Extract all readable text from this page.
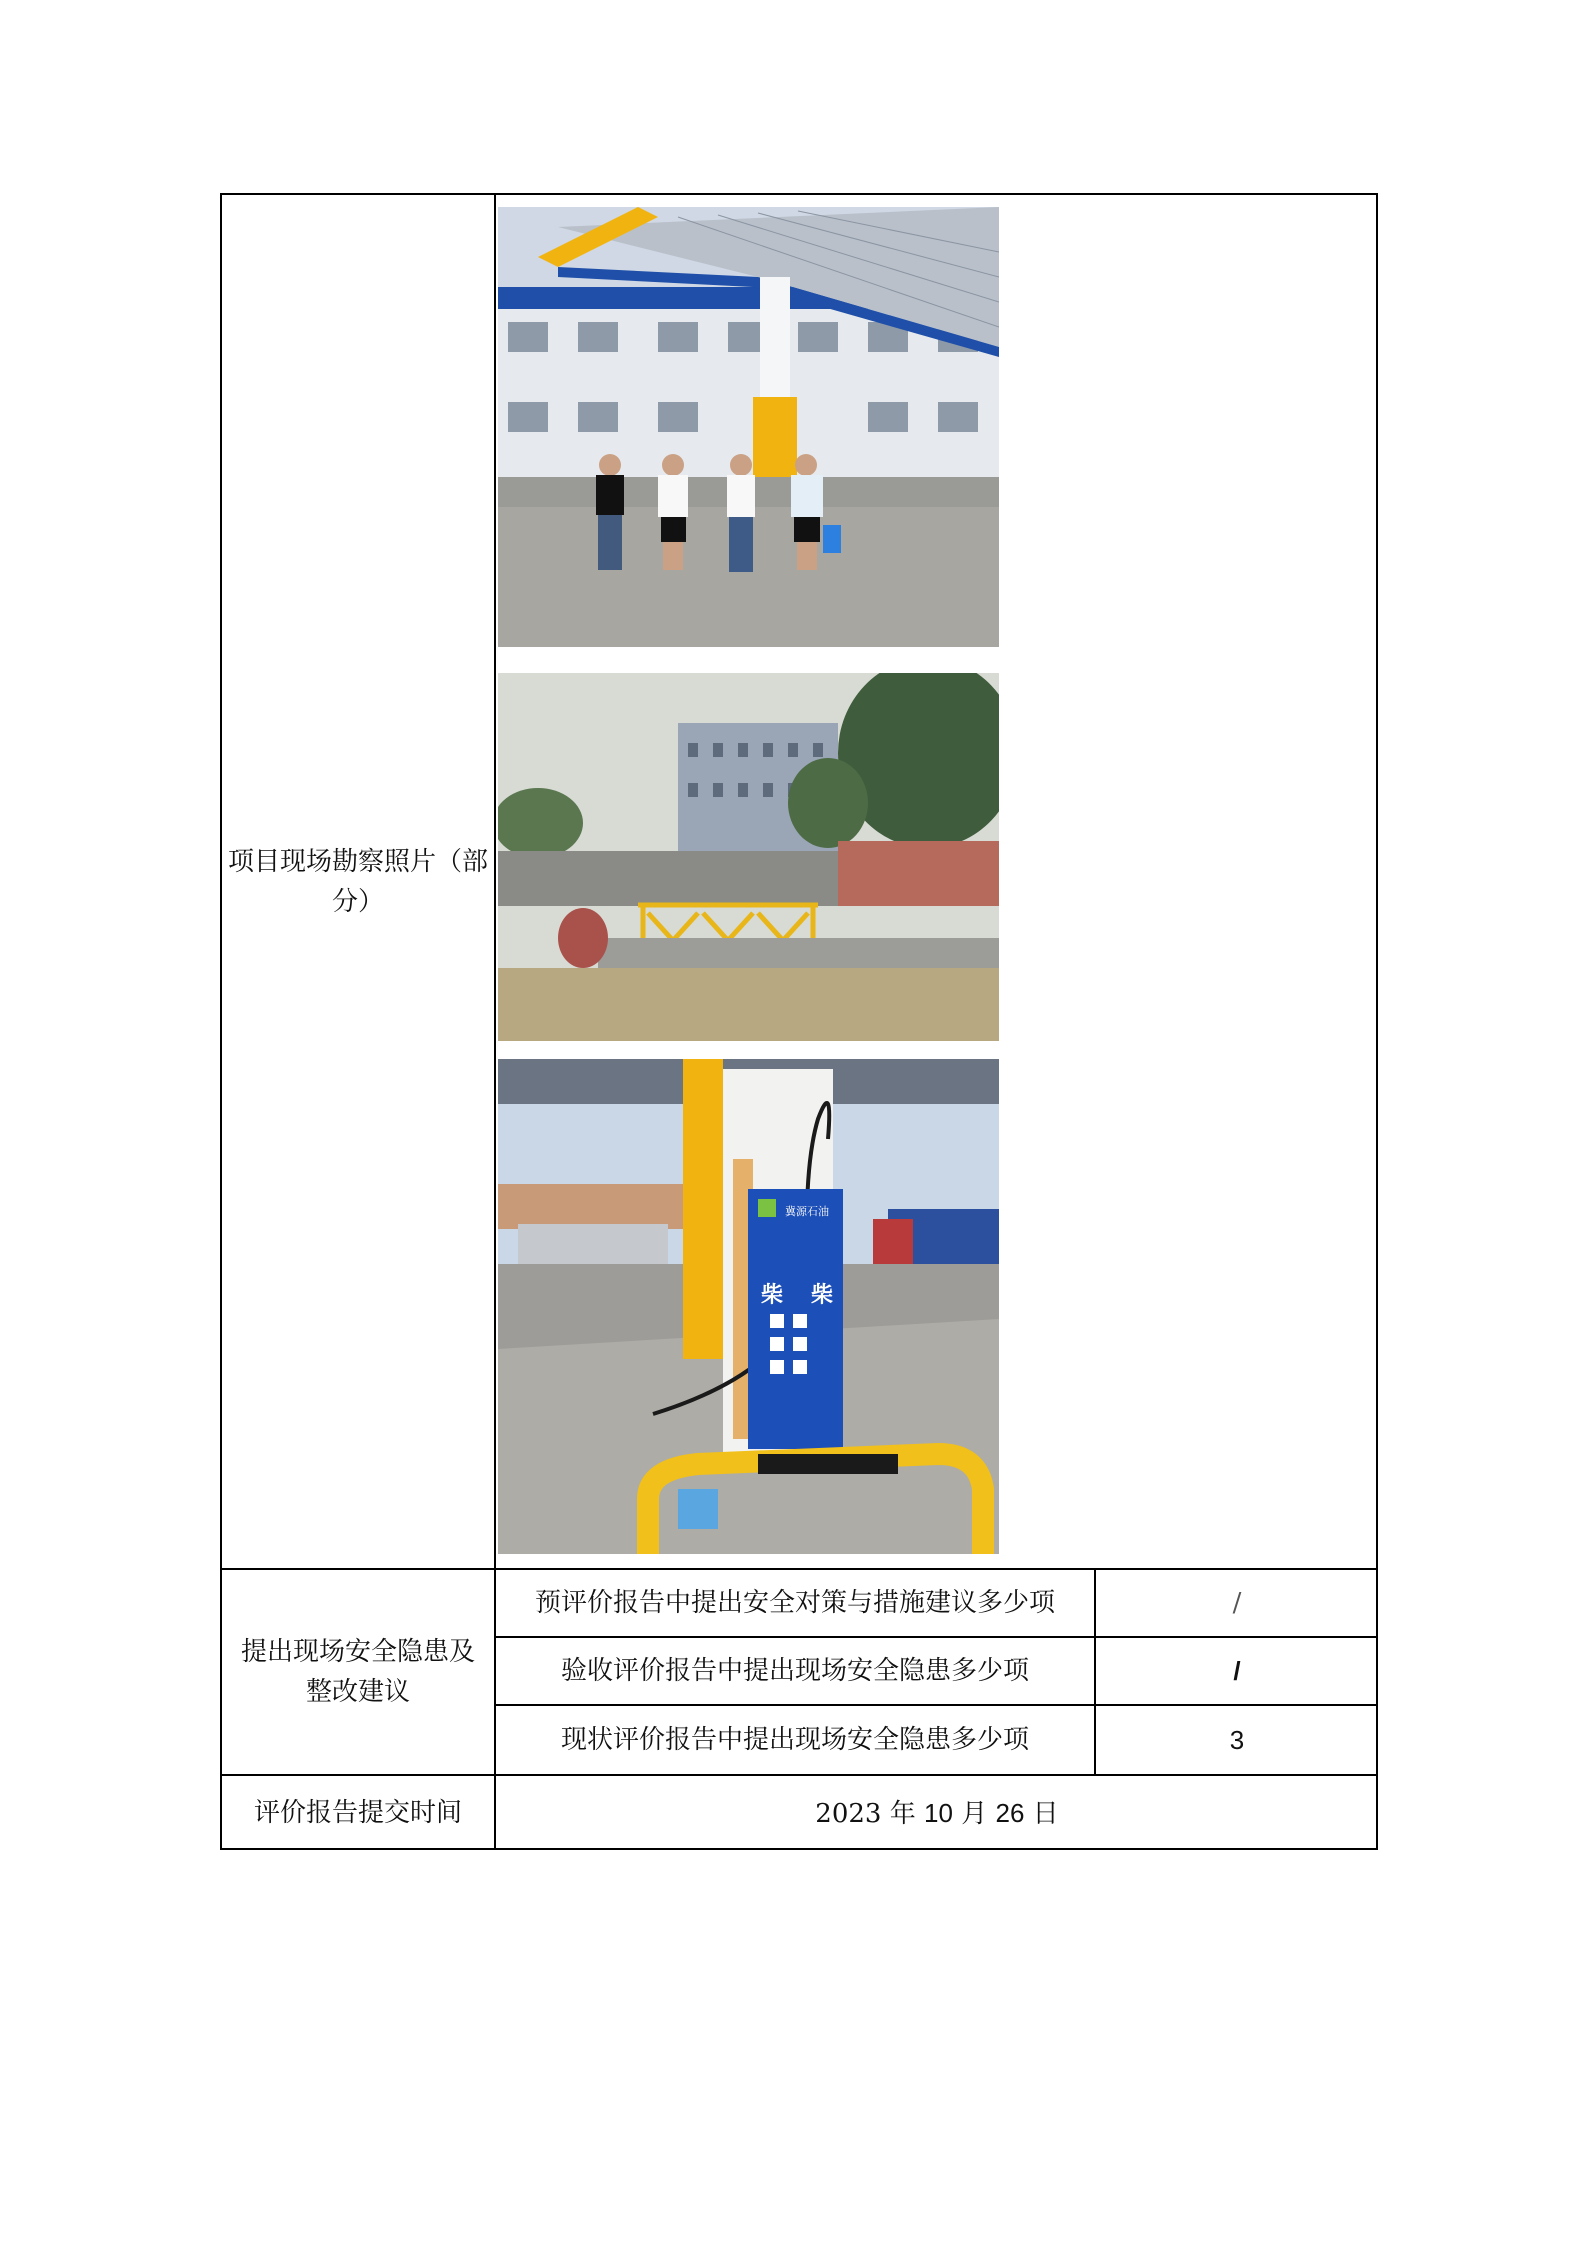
项目现场勘察照片（部分）
冀源石油
柴 柴
提出现场安全隐患及整改建议
预评价报告中提出安全对策与措施建议多少项	/
验收评价报告中提出现场安全隐患多少项	/
现状评价报告中提出现场安全隐患多少项	3
评价报告提交时间	2023 年 10 月 26 日
